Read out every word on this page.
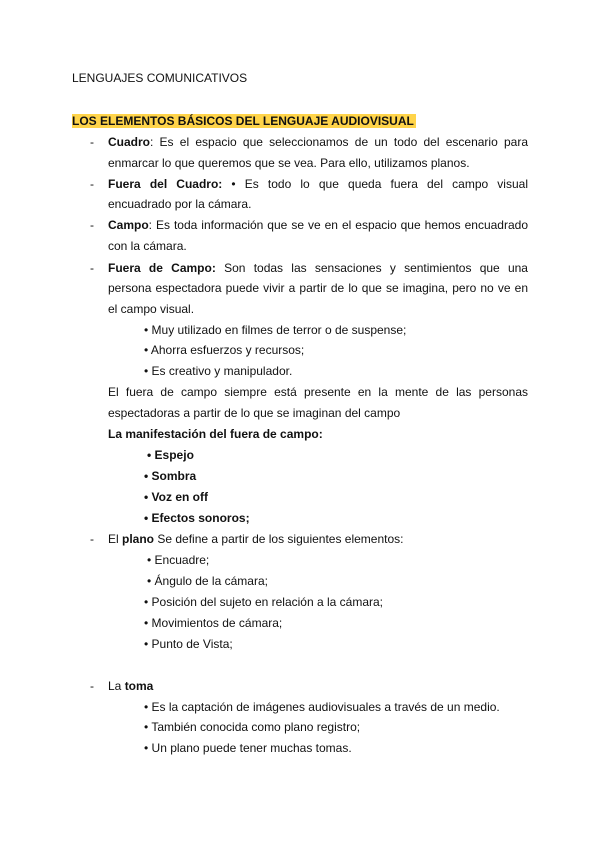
LENGUAJES COMUNICATIVOS
LOS ELEMENTOS BÁSICOS DEL LENGUAJE AUDIOVISUAL
- Cuadro: Es el espacio que seleccionamos de un todo del escenario para
enmarcar lo que queremos que se vea. Para ello, utilizamos planos.
- Fuera del Cuadro: • Es todo lo que queda fuera del campo visual
encuadrado por la cámara.
- Campo: Es toda información que se ve en el espacio que hemos encuadrado
con la cámara.
- Fuera de Campo: Son todas las sensaciones y sentimientos que una
persona espectadora puede vivir a partir de lo que se imagina, pero no ve en
el campo visual.
• Muy utilizado en filmes de terror o de suspense;
• Ahorra esfuerzos y recursos;
• Es creativo y manipulador.
El fuera de campo siempre está presente en la mente de las personas
espectadoras a partir de lo que se imaginan del campo
La manifestación del fuera de campo:
• Espejo
• Sombra
• Voz en off
• Efectos sonoros;
- El plano Se define a partir de los siguientes elementos:
• Encuadre;
• Ángulo de la cámara;
• Posición del sujeto en relación a la cámara;
• Movimientos de cámara;
• Punto de Vista;
- La toma
• Es la captación de imágenes audiovisuales a través de un medio.
• También conocida como plano registro;
• Un plano puede tener muchas tomas.
